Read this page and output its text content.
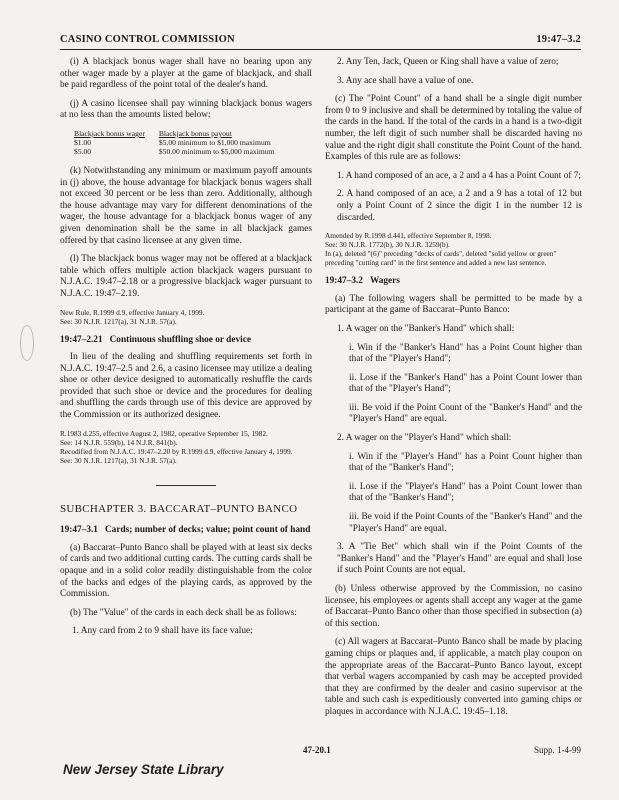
CASINO CONTROL COMMISSION	19:47–3.2

(i) A blackjack bonus wager shall have no bearing upon any other wager made by a player at the game of blackjack, and shall be paid regardless of the point total of the dealer's hand.

(j) A casino licensee shall pay winning blackjack bonus wagers at no less than the amounts listed below:

Blackjack bonus wager	Blackjack bonus payout
$1.00	$5.00 minimum to $1,000 maximum
$5.00	$50.00 minimum to $5,000 maximum

(k) Notwithstanding any minimum or maximum payoff amounts in (j) above, the house advantage for blackjack bonus wagers shall not exceed 30 percent or be less than zero. Additionally, although the house advantage may vary for different denominations of the wager, the house advantage for a blackjack bonus wager of any given denomination shall be the same in all blackjack games offered by that casino licensee at any given time.

(l) The blackjack bonus wager may not be offered at a blackjack table which offers multiple action blackjack wagers pursuant to N.J.A.C. 19:47–2.18 or a progressive blackjack wager pursuant to N.J.A.C. 19:47–2.19.

New Rule, R.1999 d.9, effective January 4, 1999.
See: 30 N.J.R. 1217(a), 31 N.J.R. 57(a).
19:47–2.21 Continuous shuffling shoe or device

In lieu of the dealing and shuffling requirements set forth in N.J.A.C. 19:47–2.5 and 2.6, a casino licensee may utilize a dealing shoe or other device designed to automatically reshuffle the cards provided that such shoe or device and the procedures for dealing and shuffling the cards through use of this device are approved by the Commission or its authorized designee.

R.1983 d.255, effective August 2, 1982, operative September 15, 1982.
See: 14 N.J.R. 559(b), 14 N.J.R. 841(b).
Recodified from N.J.A.C. 19:47–2.20 by R.1999 d.9, effective January 4, 1999.
See: 30 N.J.R. 1217(a), 31 N.J.R. 57(a).
SUBCHAPTER 3. BACCARAT–PUNTO BANCO
19:47–3.1 Cards; number of decks; value; point count of hand

(a) Baccarat–Punto Banco shall be played with at least six decks of cards and two additional cutting cards. The cutting cards shall be opaque and in a solid color readily distinguishable from the color of the backs and edges of the playing cards, as approved by the Commission.

(b) The "Value" of the cards in each deck shall be as follows:

1. Any card from 2 to 9 shall have its face value;

2. Any Ten, Jack, Queen or King shall have a value of zero;

3. Any ace shall have a value of one.

(c) The "Point Count" of a hand shall be a single digit number from 0 to 9 inclusive and shall be determined by totaling the value of the cards in the hand. If the total of the cards in a hand is a two-digit number, the left digit of such number shall be discarded having no value and the right digit shall constitute the Point Count of the hand. Examples of this rule are as follows:

1. A hand composed of an ace, a 2 and a 4 has a Point Count of 7;

2. A hand composed of an ace, a 2 and a 9 has a total of 12 but only a Point Count of 2 since the digit 1 in the number 12 is discarded.

Amended by R.1998 d.441, effective September 8, 1998.
See: 30 N.J.R. 1772(b), 30 N.J.R. 3259(b).
In (a), deleted "(6)" preceding "decks of cards", deleted "solid yellow or green" preceding "cutting card" in the first sentence and added a new last sentence.
19:47–3.2 Wagers

(a) The following wagers shall be permitted to be made by a participant at the game of Baccarat–Punto Banco:

1. A wager on the "Banker's Hand" which shall:

i. Win if the "Banker's Hand" has a Point Count higher than that of the "Player's Hand";

ii. Lose if the "Banker's Hand" has a Point Count lower than that of the "Player's Hand";

iii. Be void if the Point Count of the "Banker's Hand" and the "Player's Hand" are equal.

2. A wager on the "Player's Hand" which shall:

i. Win if the "Player's Hand" has a Point Count higher than that of the "Banker's Hand";

ii. Lose if the "Player's Hand" has a Point Count lower than that of the "Banker's Hand";

iii. Be void if the Point Counts of the "Banker's Hand" and the "Player's Hand" are equal.

3. A "Tie Bet" which shall win if the Point Counts of the "Banker's Hand" and the "Player's Hand" are equal and shall lose if such Point Counts are not equal.

(b) Unless otherwise approved by the Commission, no casino licensee, his employees or agents shall accept any wager at the game of Baccarat–Punto Banco other than those specified in subsection (a) of this section.

(c) All wagers at Baccarat–Punto Banco shall be made by placing gaming chips or plaques and, if applicable, a match play coupon on the appropriate areas of the Baccarat–Punto Banco layout, except that verbal wagers accompanied by cash may be accepted provided that they are confirmed by the dealer and casino supervisor at the table and such cash is expeditiously converted into gaming chips or plaques in accordance with N.J.A.C. 19:45–1.18.

47-20.1	Supp. 1-4-99
New Jersey State Library
